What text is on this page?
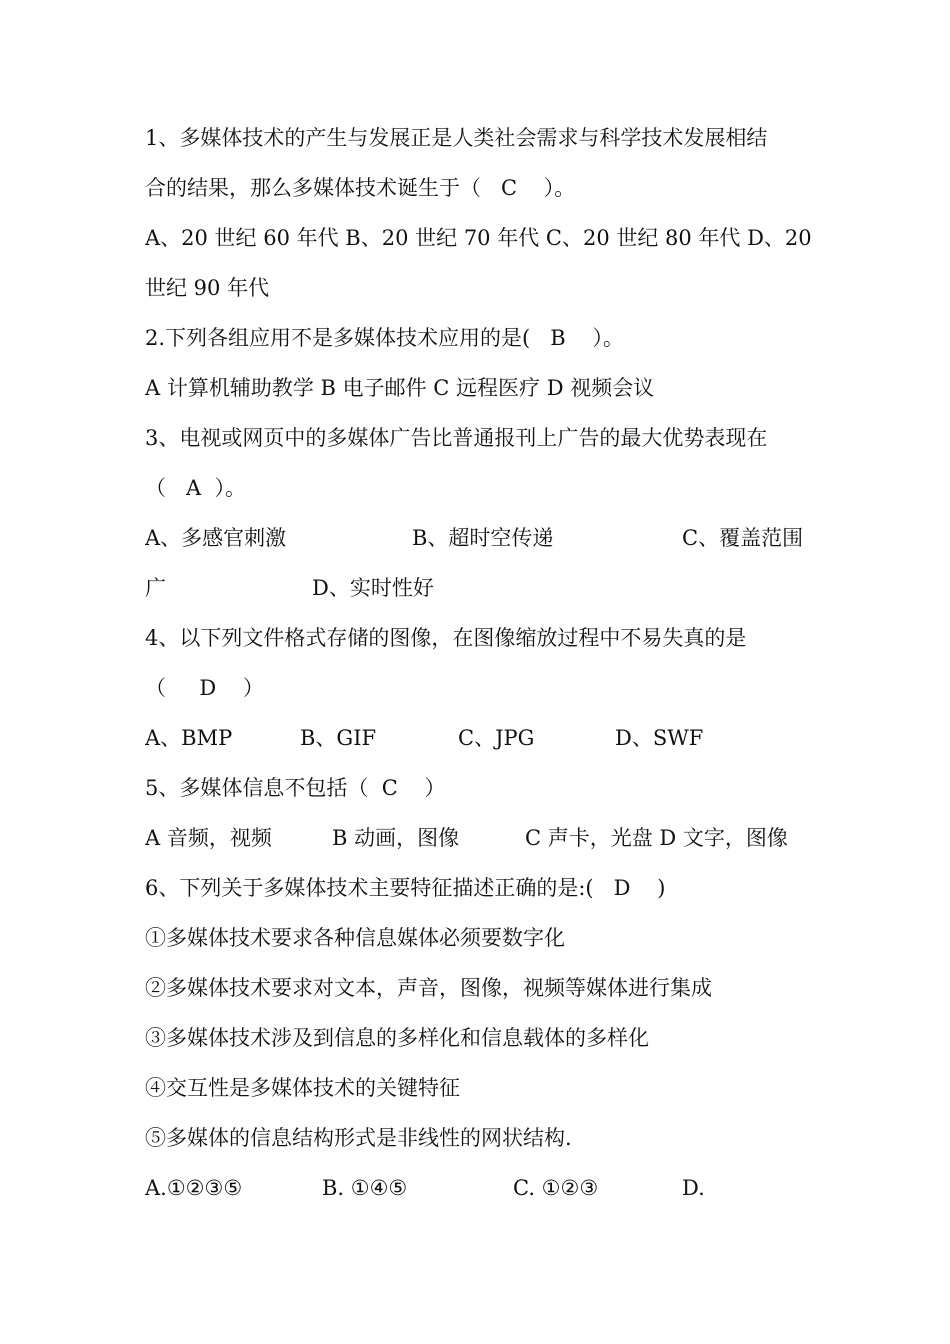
1、多媒体技术的产生与发展正是人类社会需求与科学技术发展相结
合的结果，那么多媒体技术诞生于（   C    ）。
A、20 世纪 60 年代 B、20 世纪 70 年代 C、20 世纪 80 年代 D、20
世纪 90 年代
2.下列各组应用不是多媒体技术应用的是(   B    ）。
A 计算机辅助教学 B 电子邮件 C 远程医疗 D 视频会议
3、电视或网页中的多媒体广告比普通报刊上广告的最大优势表现在
（   A  ）。

A、多感官刺激

	B、超时空传递

	C、覆盖范围

广

	D、实时性好

4、以下列文件格式存储的图像，在图像缩放过程中不易失真的是
（     D    ）

A、BMP

	B、GIF

	C、JPG

	D、SWF

5、多媒体信息不包括（  C    ）

A 音频，视频

	B 动画，图像

	C 声卡，光盘 D 文字，图像

6、下列关于多媒体技术主要特征描述正确的是:(   D    )
①多媒体技术要求各种信息媒体必须要数字化
②多媒体技术要求对文本，声音，图像，视频等媒体进行集成
③多媒体技术涉及到信息的多样化和信息载体的多样化
④交互性是多媒体技术的关键特征
⑤多媒体的信息结构形式是非线性的网状结构.

A.①②③⑤

	B. ①④⑤

	C. ①②③

	D.
